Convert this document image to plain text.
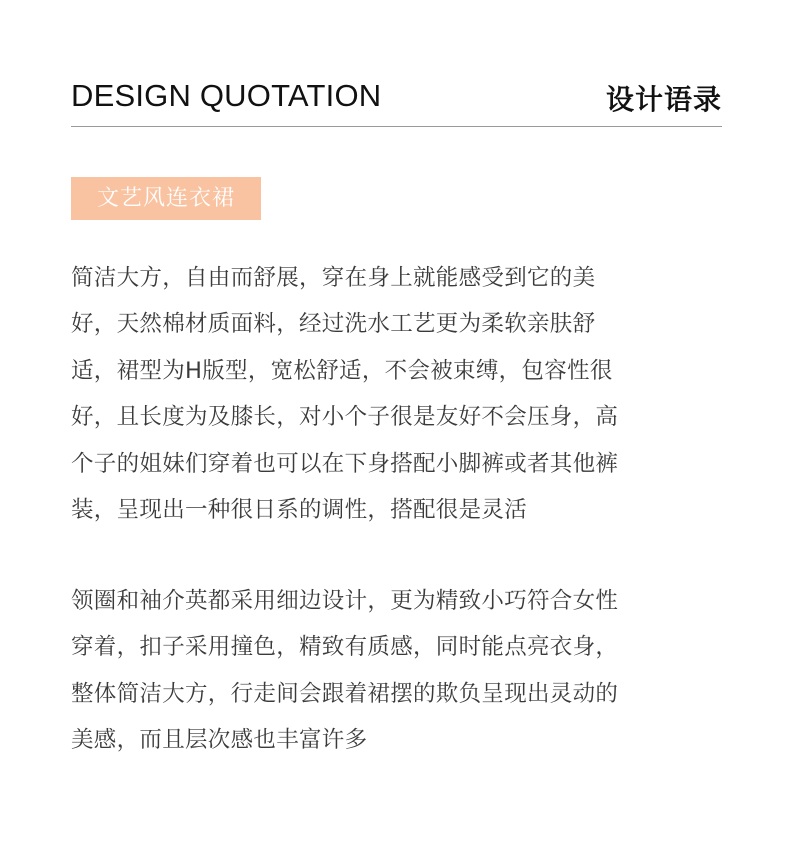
DESIGN QUOTATION	设计语录
文艺风连衣裙
简洁大方，自由而舒展，穿在身上就能感受到它的美
好，天然棉材质面料，经过洗水工艺更为柔软亲肤舒
适，裙型为H版型，宽松舒适，不会被束缚，包容性很
好，且长度为及膝长，对小个子很是友好不会压身，高
个子的姐妹们穿着也可以在下身搭配小脚裤或者其他裤
装，呈现出一种很日系的调性，搭配很是灵活
领圈和袖介英都采用细边设计，更为精致小巧符合女性
穿着，扣子采用撞色，精致有质感，同时能点亮衣身，
整体简洁大方，行走间会跟着裙摆的欺负呈现出灵动的
美感，而且层次感也丰富许多
